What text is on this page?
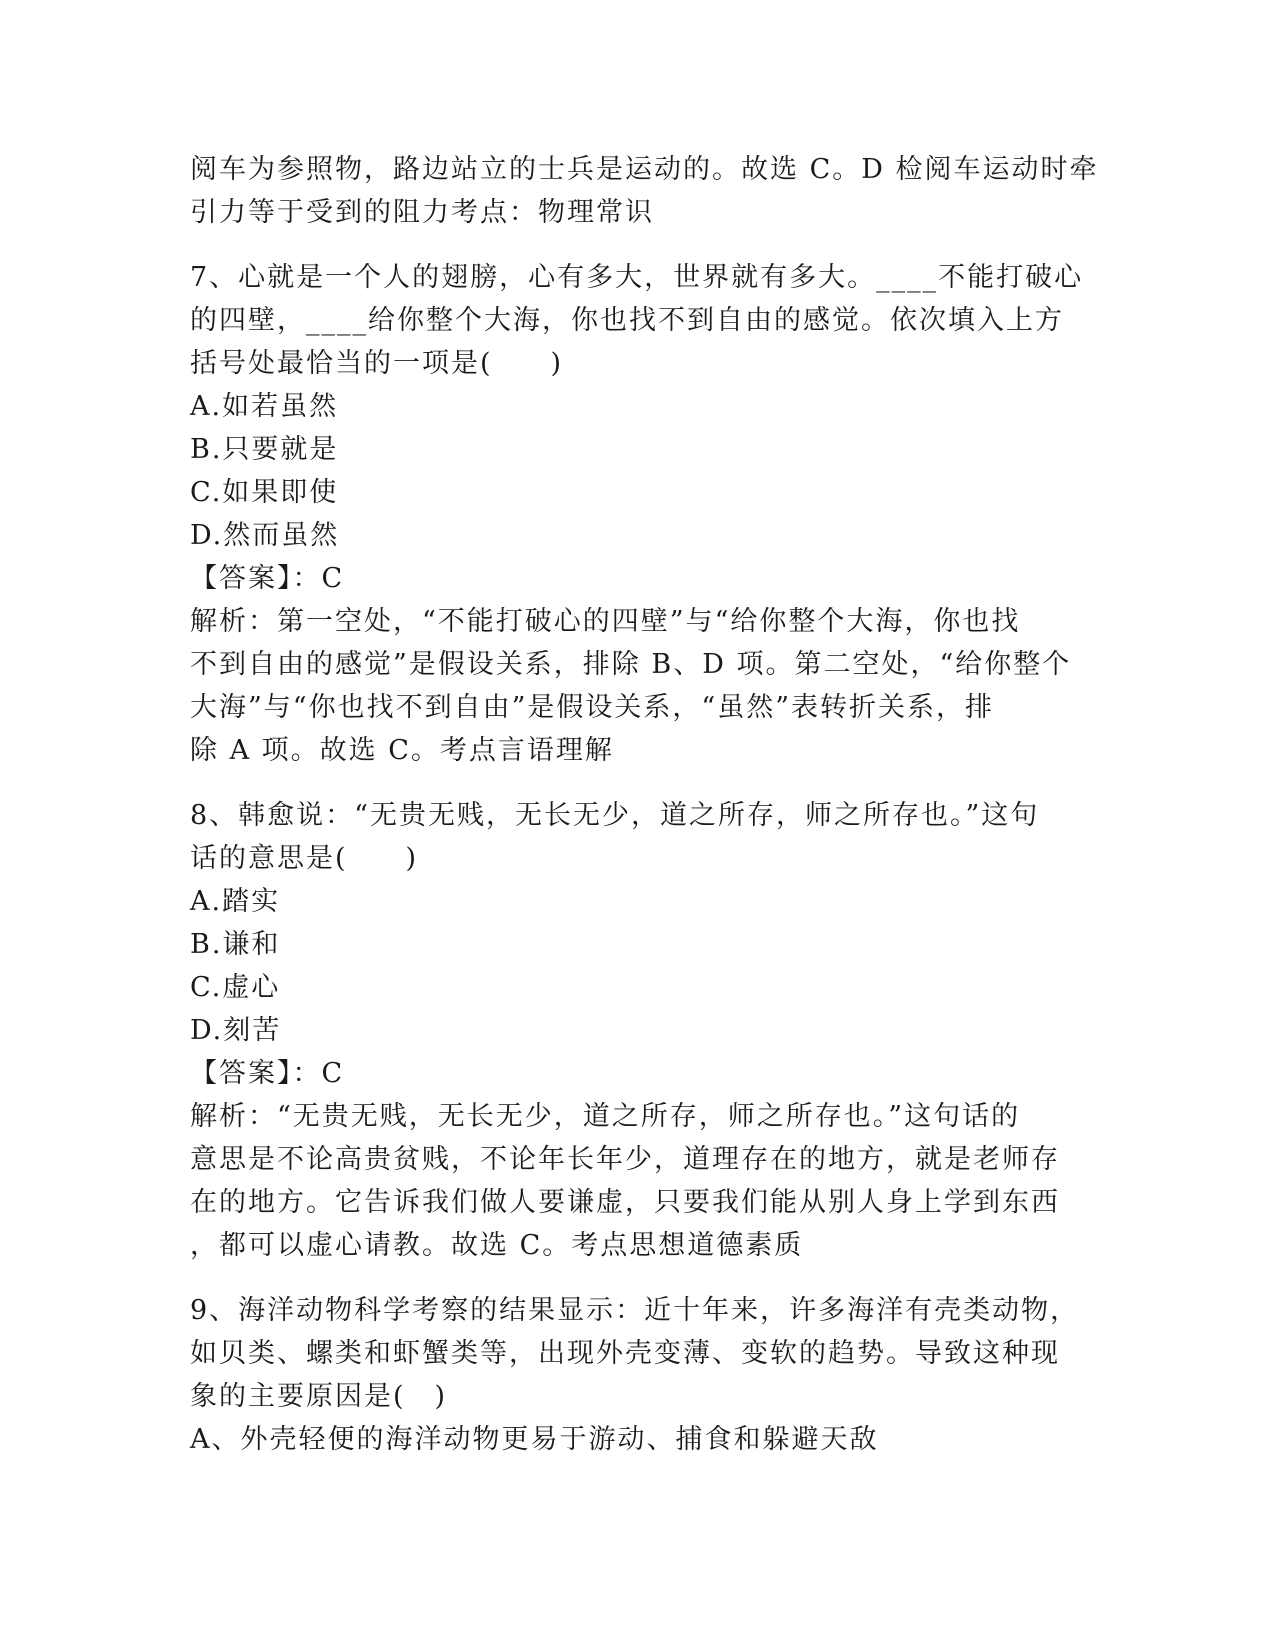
阅车为参照物，路边站立的士兵是运动的。故选 C。D 检阅车运动时牵
引力等于受到的阻力考点：物理常识
7、心就是一个人的翅膀，心有多大，世界就有多大。____不能打破心
的四壁，____给你整个大海，你也找不到自由的感觉。依次填入上方
括号处最恰当的一项是(　　)
A.如若虽然
B.只要就是
C.如果即使
D.然而虽然
【答案】：C
解析：第一空处，“不能打破心的四壁”与“给你整个大海，你也找
不到自由的感觉”是假设关系，排除 B、D 项。第二空处，“给你整个
大海”与“你也找不到自由”是假设关系，“虽然”表转折关系，排
除 A 项。故选 C。考点言语理解
8、韩愈说：“无贵无贱，无长无少，道之所存，师之所存也。”这句
话的意思是(　　)
A.踏实
B.谦和
C.虚心
D.刻苦
【答案】：C
解析：“无贵无贱，无长无少，道之所存，师之所存也。”这句话的
意思是不论高贵贫贱，不论年长年少，道理存在的地方，就是老师存
在的地方。它告诉我们做人要谦虚，只要我们能从别人身上学到东西
，都可以虚心请教。故选 C。考点思想道德素质
9、海洋动物科学考察的结果显示：近十年来，许多海洋有壳类动物，
如贝类、螺类和虾蟹类等，出现外壳变薄、变软的趋势。导致这种现
象的主要原因是(　)
A、外壳轻便的海洋动物更易于游动、捕食和躲避天敌
